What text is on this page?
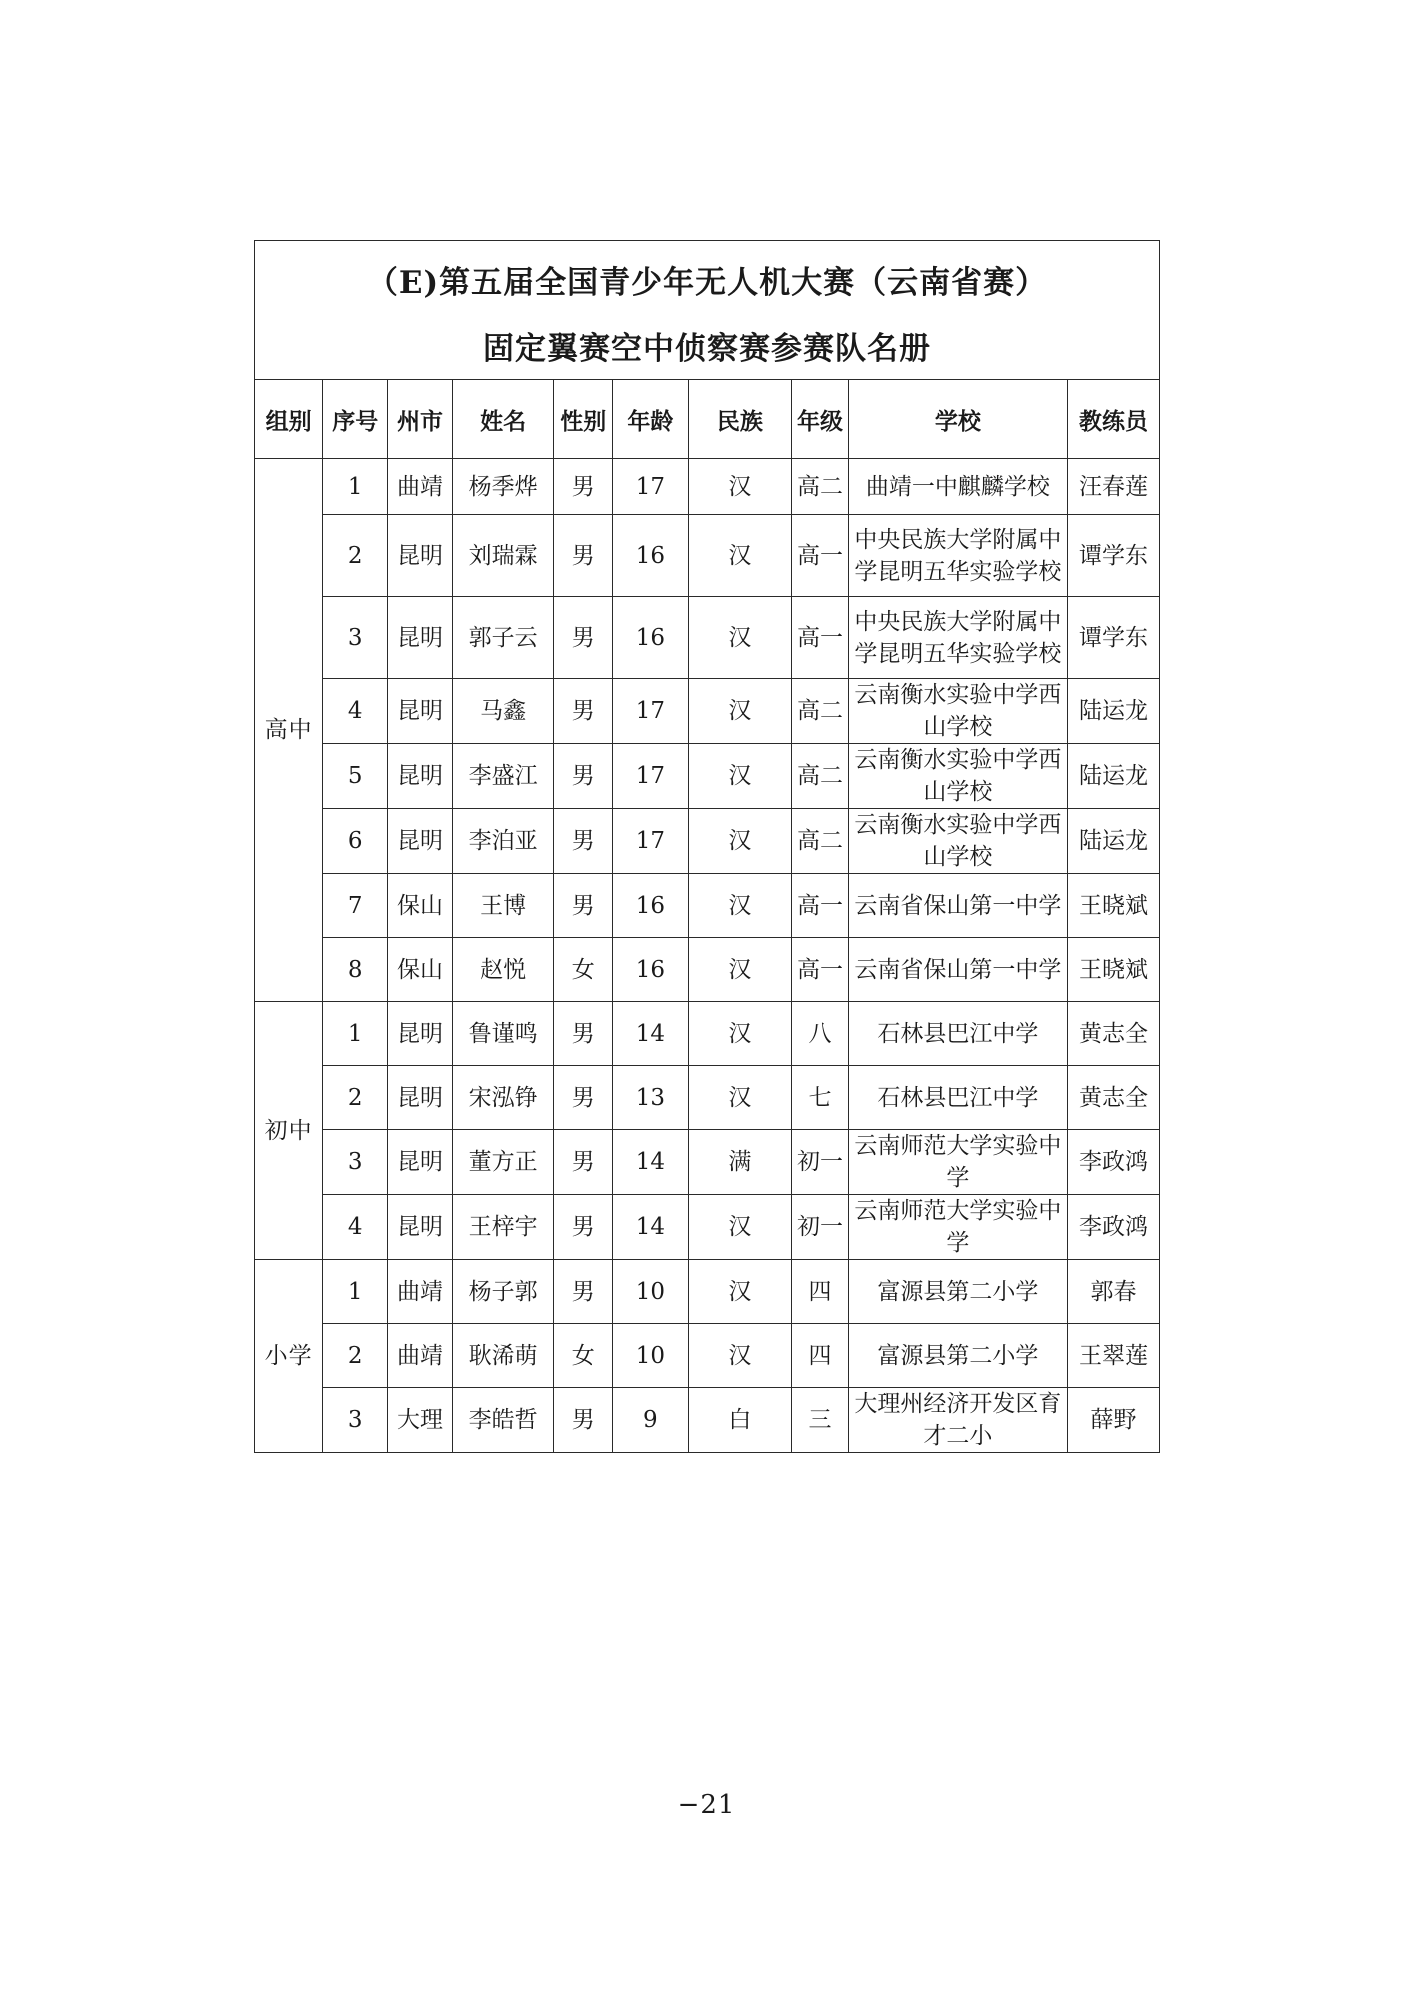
（E)第五届全国青少年无人机大赛（云南省赛）
固定翼赛空中侦察赛参赛队名册
组别	序号	州市	姓名	性别	年龄	民族	年级	学校	教练员
高中	1	曲靖	杨季烨	男	17	汉	高二	曲靖一中麒麟学校	汪春莲
	2	昆明	刘瑞霖	男	16	汉	高一	中央民族大学附属中学昆明五华实验学校	谭学东
	3	昆明	郭子云	男	16	汉	高一	中央民族大学附属中学昆明五华实验学校	谭学东
	4	昆明	马鑫	男	17	汉	高二	云南衡水实验中学西山学校	陆运龙
	5	昆明	李盛江	男	17	汉	高二	云南衡水实验中学西山学校	陆运龙
	6	昆明	李泊亚	男	17	汉	高二	云南衡水实验中学西山学校	陆运龙
	7	保山	王博	男	16	汉	高一	云南省保山第一中学	王晓斌
	8	保山	赵悦	女	16	汉	高一	云南省保山第一中学	王晓斌
初中	1	昆明	鲁谨鸣	男	14	汉	八	石林县巴江中学	黄志全
	2	昆明	宋泓铮	男	13	汉	七	石林县巴江中学	黄志全
	3	昆明	董方正	男	14	满	初一	云南师范大学实验中学	李政鸿
	4	昆明	王梓宇	男	14	汉	初一	云南师范大学实验中学	李政鸿
小学	1	曲靖	杨子郭	男	10	汉	四	富源县第二小学	郭春
	2	曲靖	耿浠萌	女	10	汉	四	富源县第二小学	王翠莲
	3	大理	李皓哲	男	9	白	三	大理州经济开发区育才二小	薛野
−21
